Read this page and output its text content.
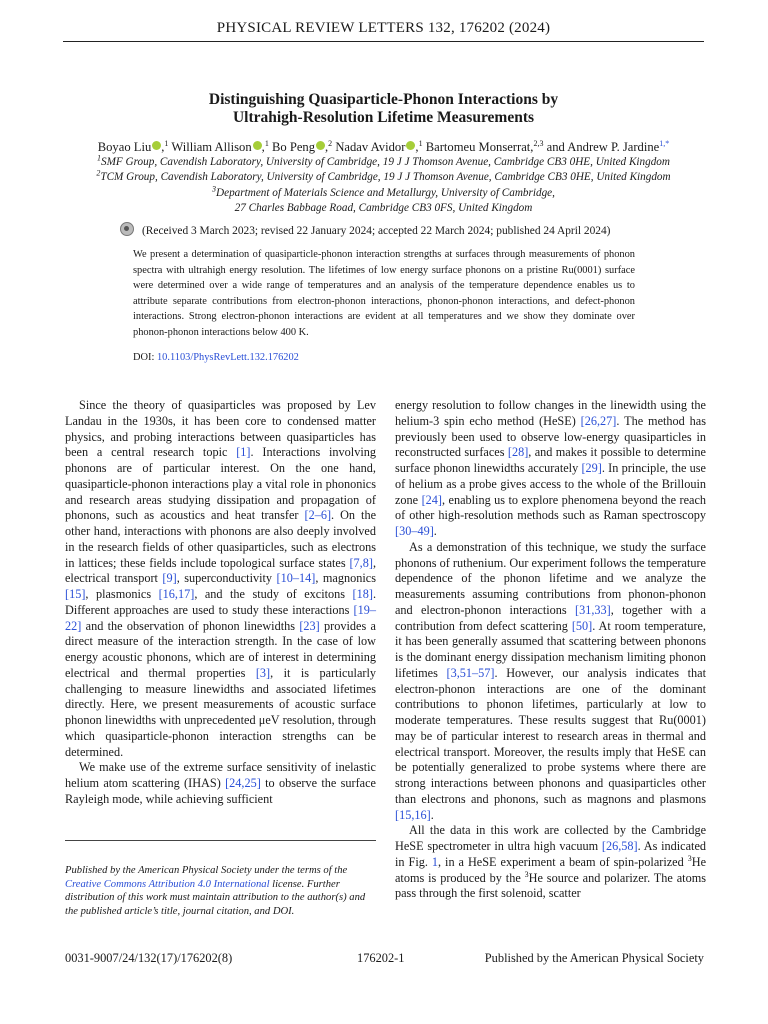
PHYSICAL REVIEW LETTERS 132, 176202 (2024)
Distinguishing Quasiparticle-Phonon Interactions by
Ultrahigh-Resolution Lifetime Measurements
Boyao Liu ,$^1$ William Allison ,$^1$ Bo Peng ,$^2$ Nadav Avidor ,$^1$ Bartomeu Monserrat,$^{2,3}$ and Andrew P. Jardine$^{1,*}$
$^1$SMF Group, Cavendish Laboratory, University of Cambridge, 19 J J Thomson Avenue, Cambridge CB3 0HE, United Kingdom
$^2$TCM Group, Cavendish Laboratory, University of Cambridge, 19 J J Thomson Avenue, Cambridge CB3 0HE, United Kingdom
$^3$Department of Materials Science and Metallurgy, University of Cambridge,
27 Charles Babbage Road, Cambridge CB3 0FS, United Kingdom
(Received 3 March 2023; revised 22 January 2024; accepted 22 March 2024; published 24 April 2024)
We present a determination of quasiparticle-phonon interaction strengths at surfaces through measurements of phonon spectra with ultrahigh energy resolution. The lifetimes of low energy surface phonons on a pristine Ru(0001) surface were determined over a wide range of temperatures and an analysis of the temperature dependence enables us to attribute separate contributions from electron-phonon interactions, phonon-phonon interactions, and defect-phonon interactions. Strong electron-phonon interactions are evident at all temperatures and we show they dominate over phonon-phonon interactions below 400 K.
DOI: 10.1103/PhysRevLett.132.176202

Since the theory of quasiparticles was proposed by Lev Landau in the 1930s, it has been core to condensed matter physics, and probing interactions between quasiparticles has been a central research topic [1]. Interactions involving phonons are of particular interest. On the one hand, quasiparticle-phonon interactions play a vital role in phononics and research areas studying dissipation and propagation of phonons, such as acoustics and heat transfer [2–6]. On the other hand, interactions with phonons are also deeply involved in the research fields of other quasiparticles, such as electrons in lattices; these fields include topological surface states [7,8], electrical transport [9], superconductivity [10–14], magnonics [15], plasmonics [16,17], and the study of excitons [18]. Different approaches are used to study these interactions [19–22] and the observation of phonon linewidths [23] provides a direct measure of the interaction strength. In the case of low energy acoustic phonons, which are of interest in determining electrical and thermal properties [3], it is particularly challenging to measure linewidths and associated lifetimes directly. Here, we present measurements of acoustic surface phonon linewidths with unprecedented μeV resolution, through which quasiparticle-phonon interaction strengths can be determined.

We make use of the extreme surface sensitivity of inelastic helium atom scattering (IHAS) [24,25] to observe the surface Rayleigh mode, while achieving sufficient

energy resolution to follow changes in the linewidth using the helium-3 spin echo method (HeSE) [26,27]. The method has previously been used to observe low-energy quasiparticles in reconstructed surfaces [28], and makes it possible to determine surface phonon linewidths accurately [29]. In principle, the use of helium as a probe gives access to the whole of the Brillouin zone [24], enabling us to explore phenomena beyond the reach of other high-resolution methods such as Raman spectroscopy [30–49].

As a demonstration of this technique, we study the surface phonons of ruthenium. Our experiment follows the temperature dependence of the phonon lifetime and we analyze the measurements assuming contributions from phonon-phonon and electron-phonon interactions [31,33], together with a contribution from defect scattering [50]. At room temperature, it has been generally assumed that scattering between phonons is the dominant energy dissipation mechanism limiting phonon lifetimes [3,51–57]. However, our analysis indicates that electron-phonon interactions are one of the dominant contributions to phonon lifetimes, particularly at low to moderate temperatures. These results suggest that Ru(0001) may be of particular interest to research areas in thermal and electrical transport. Moreover, the results imply that HeSE can be potentially generalized to probe systems where there are strong interactions between phonons and quasiparticles other than electrons and phonons, such as magnons and plasmons [15,16].

All the data in this work are collected by the Cambridge HeSE spectrometer in ultra high vacuum [26,58]. As indicated in Fig. 1, in a HeSE experiment a beam of spin-polarized $^3$He atoms is produced by the $^3$He source and polarizer. The atoms pass through the first solenoid, scatter

Published by the American Physical Society under the terms of the Creative Commons Attribution 4.0 International license. Further distribution of this work must maintain attribution to the author(s) and the published article’s title, journal citation, and DOI.
0031-9007/24/132(17)/176202(8)	176202-1	Published by the American Physical Society
